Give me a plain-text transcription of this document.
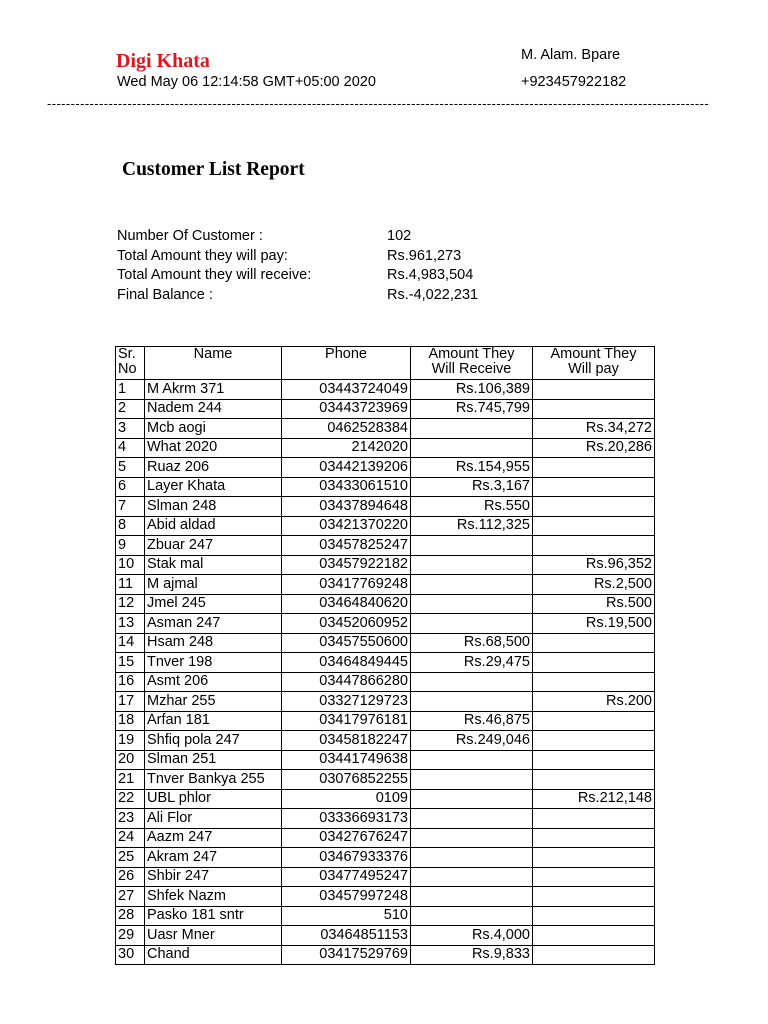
Digi Khata
Wed May 06 12:14:58 GMT+05:00 2020
M. Alam. Bpare
+923457922182
--------------------------------------------------------------------------------------------------------------------------------------------
Customer List Report
Number Of Customer :	102
Total Amount they will pay:	Rs.961,273
Total Amount they will receive:	Rs.4,983,504
Final Balance :	Rs.-4,022,231
Sr.
No	Name	Phone	Amount They
Will Receive	Amount They
Will pay
1	M Akrm 371	03443724049	Rs.106,389	
2	Nadem 244	03443723969	Rs.745,799	
3	Mcb aogi	0462528384		Rs.34,272
4	What 2020	2142020		Rs.20,286
5	Ruaz 206	03442139206	Rs.154,955	
6	Layer Khata	03433061510	Rs.3,167	
7	Slman 248	03437894648	Rs.550	
8	Abid aldad	03421370220	Rs.112,325	
9	Zbuar 247	03457825247		
10	Stak mal	03457922182		Rs.96,352
11	M ajmal	03417769248		Rs.2,500
12	Jmel 245	03464840620		Rs.500
13	Asman 247	03452060952		Rs.19,500
14	Hsam 248	03457550600	Rs.68,500	
15	Tnver 198	03464849445	Rs.29,475	
16	Asmt 206	03447866280		
17	Mzhar 255	03327129723		Rs.200
18	Arfan 181	03417976181	Rs.46,875	
19	Shfiq pola 247	03458182247	Rs.249,046	
20	Slman 251	03441749638		
21	Tnver Bankya 255	03076852255		
22	UBL phlor	0109		Rs.212,148
23	Ali Flor	03336693173		
24	Aazm 247	03427676247		
25	Akram 247	03467933376		
26	Shbir 247	03477495247		
27	Shfek Nazm	03457997248		
28	Pasko 181 sntr	510		
29	Uasr Mner	03464851153	Rs.4,000	
30	Chand	03417529769	Rs.9,833	
